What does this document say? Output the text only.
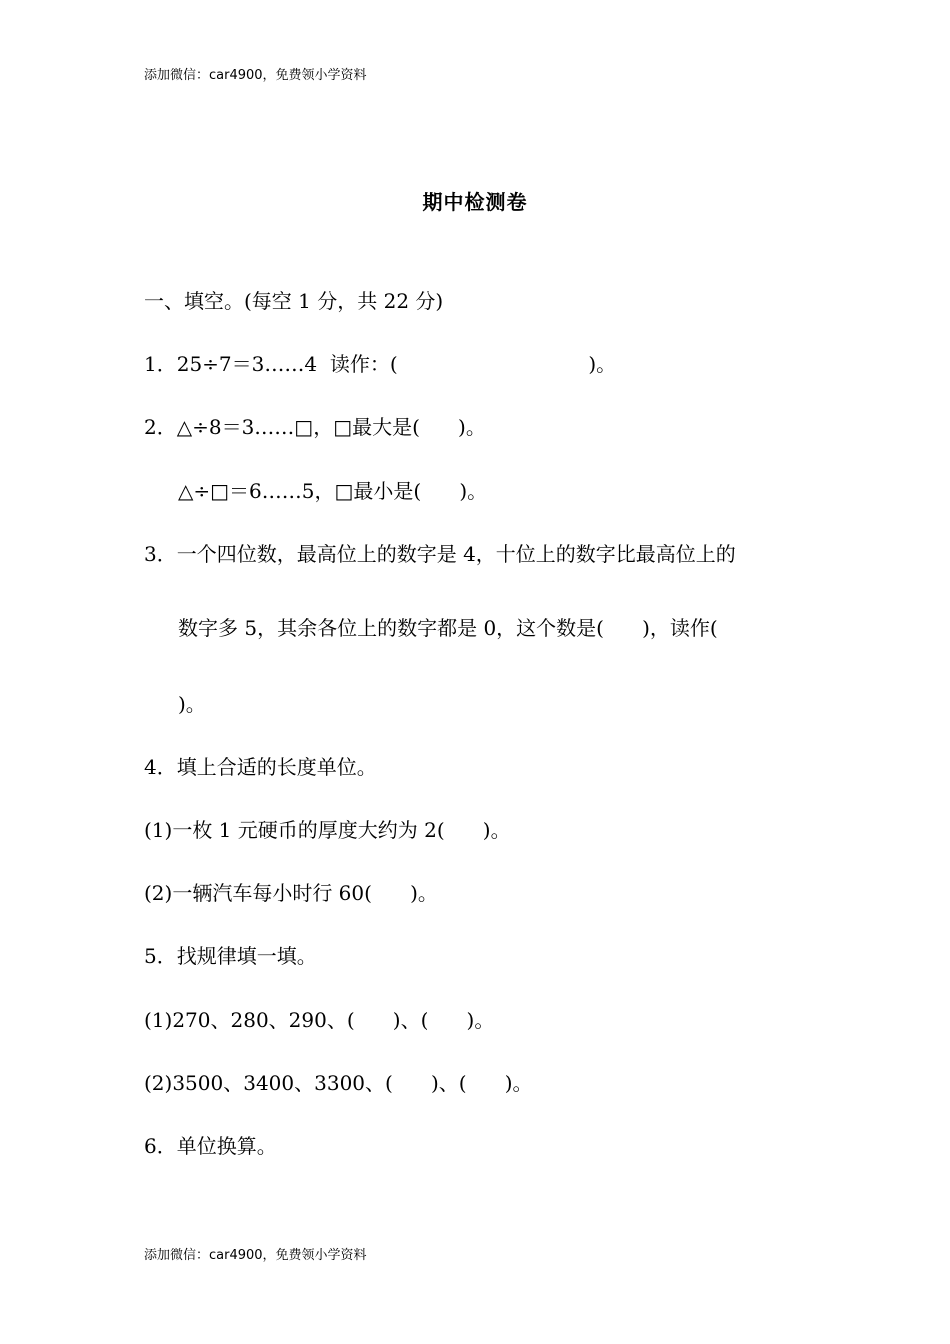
添加微信：car4900，免费领小学资料
期中检测卷
一、填空。(每空 1 分，共 22 分)
1．25÷7＝3……4  读作：(                              )。
2．△÷8＝3……□，□最大是(      )。
△÷□＝6……5，□最小是(      )。
3．一个四位数，最高位上的数字是 4，十位上的数字比最高位上的
数字多 5，其余各位上的数字都是 0，这个数是(      )，读作(
)。
4．填上合适的长度单位。
(1)一枚 1 元硬币的厚度大约为 2(      )。
(2)一辆汽车每小时行 60(      )。
5．找规律填一填。
(1)270、280、290、(      )、(      )。
(2)3500、3400、3300、(      )、(      )。
6．单位换算。
添加微信：car4900，免费领小学资料
